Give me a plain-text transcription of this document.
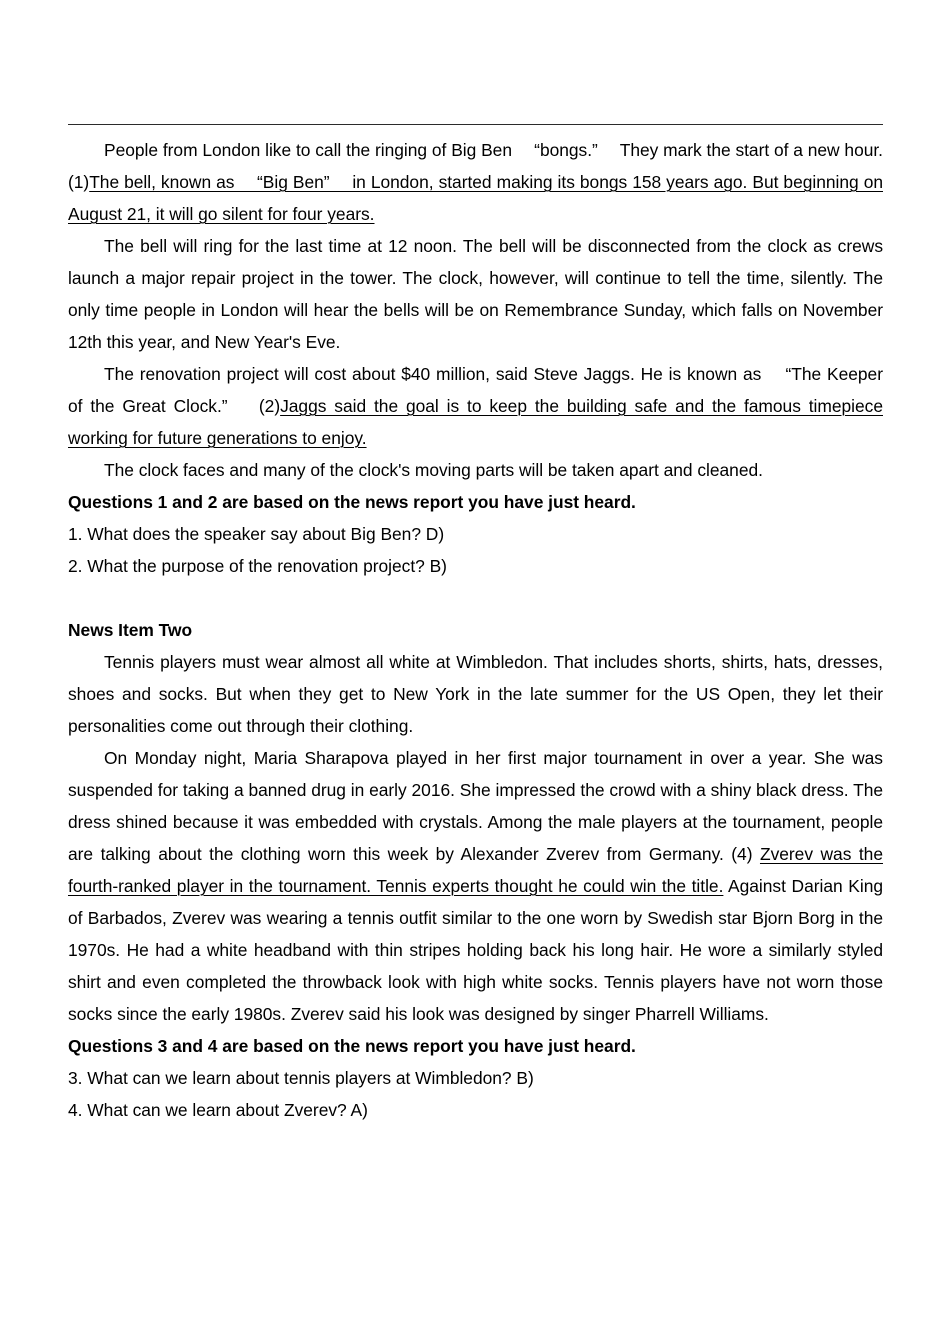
People from London like to call the ringing of Big Ben 　“bongs.”　 They mark the start of a new hour. (1)The bell, known as 　“Big Ben”　 in London, started making its bongs 158 years ago. But beginning on August 21, it will go silent for four years.

The bell will ring for the last time at 12 noon. The bell will be disconnected from the clock as crews launch a major repair project in the tower. The clock, however, will continue to tell the time, silently. The only time people in London will hear the bells will be on Remembrance Sunday, which falls on November 12th this year, and New Year's Eve.

The renovation project will cost about $40 million, said Steve Jaggs. He is known as 　“The Keeper of the Great Clock.”　 (2)Jaggs said the goal is to keep the building safe and the famous timepiece working for future generations to enjoy.

The clock faces and many of the clock's moving parts will be taken apart and cleaned.

Questions 1 and 2 are based on the news report you have just heard.

1. What does the speaker say about Big Ben? D)

2. What the purpose of the renovation project? B)

News Item Two

Tennis players must wear almost all white at Wimbledon. That includes shorts, shirts, hats, dresses, shoes and socks. But when they get to New York in the late summer for the US Open, they let their personalities come out through their clothing.

On Monday night, Maria Sharapova played in her first major tournament in over a year. She was suspended for taking a banned drug in early 2016. She impressed the crowd with a shiny black dress. The dress shined because it was embedded with crystals. Among the male players at the tournament, people are talking about the clothing worn this week by Alexander Zverev from Germany. (4) Zverev was the fourth-ranked player in the tournament. Tennis experts thought he could win the title. Against Darian King of Barbados, Zverev was wearing a tennis outfit similar to the one worn by Swedish star Bjorn Borg in the 1970s. He had a white headband with thin stripes holding back his long hair. He wore a similarly styled shirt and even completed the throwback look with high white socks. Tennis players have not worn those socks since the early 1980s. Zverev said his look was designed by singer Pharrell Williams.

Questions 3 and 4 are based on the news report you have just heard.

3. What can we learn about tennis players at Wimbledon? B)

4. What can we learn about Zverev? A)
